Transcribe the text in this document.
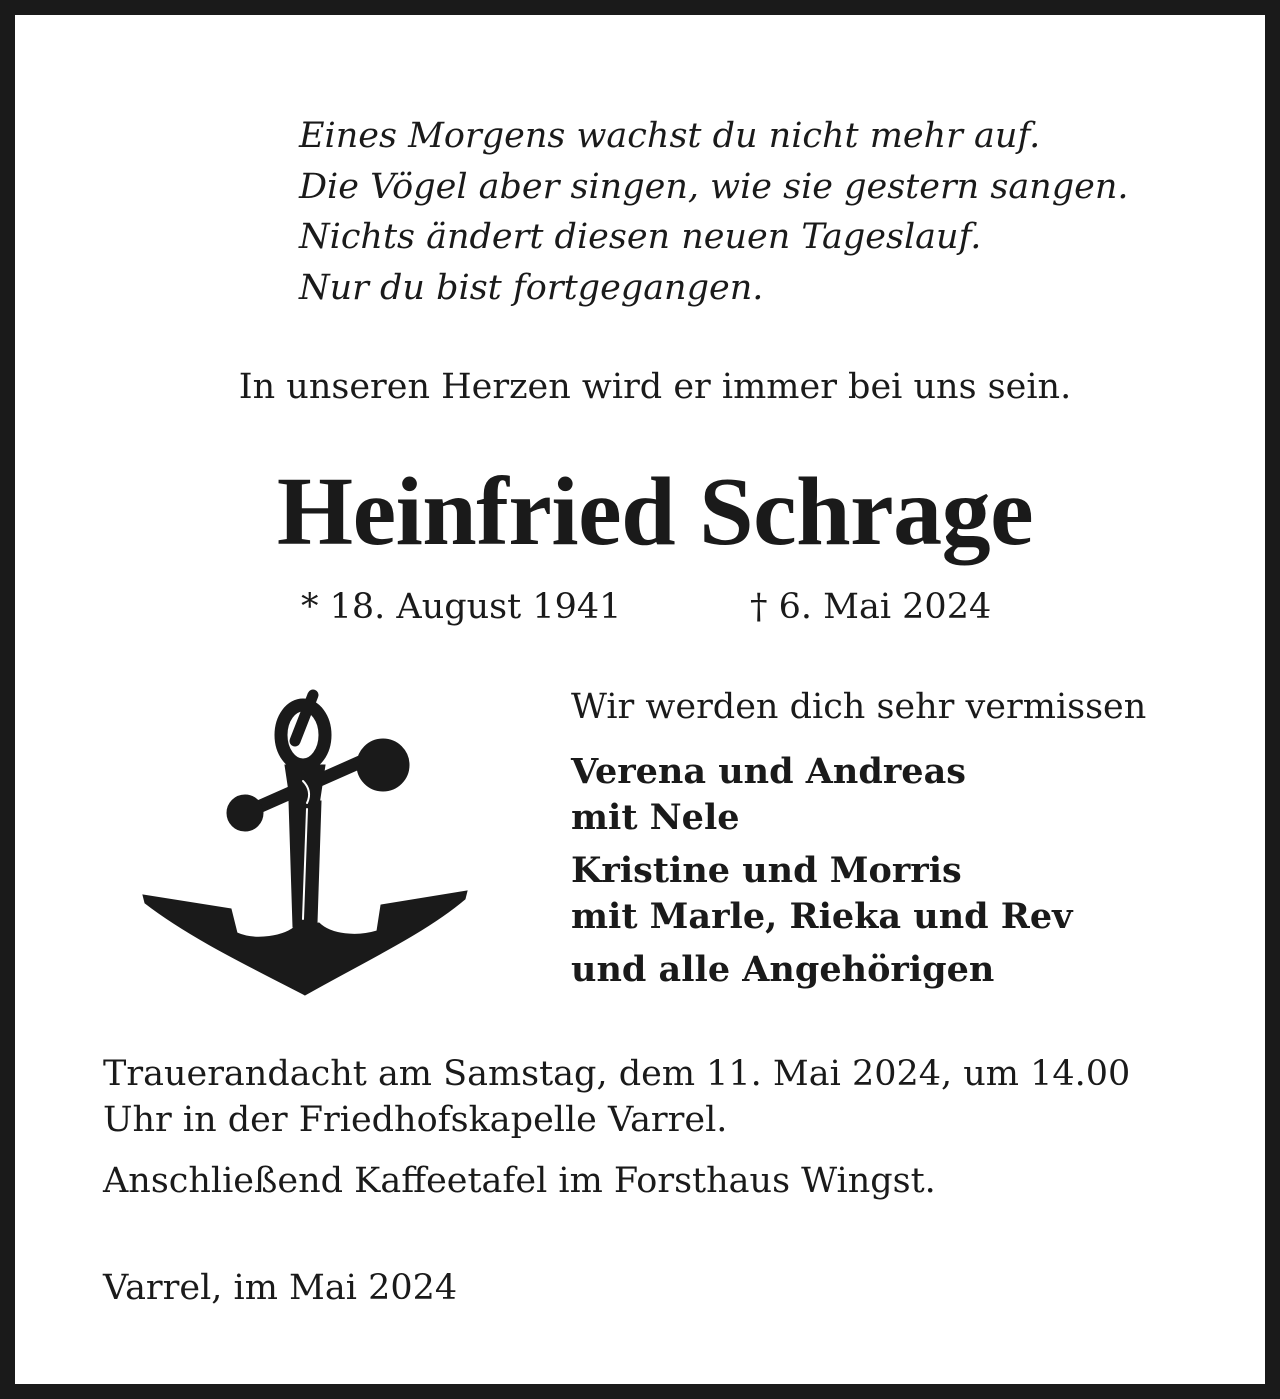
Eines Morgens wachst du nicht mehr auf.
Die Vögel aber singen, wie sie gestern sangen.
Nichts ändert diesen neuen Tageslauf.
Nur du bist fortgegangen.
In unseren Herzen wird er immer bei uns sein.
Heinfried Schrage
* 18. August 1941	† 6. Mai 2024
Wir werden dich sehr vermissen
Verena und Andreas
mit Nele
Kristine und Morris
mit Marle, Rieka und Rev
und alle Angehörigen
Trauerandacht am Samstag, dem 11. Mai 2024, um 14.00
Uhr in der Friedhofskapelle Varrel.
Anschließend Kaffeetafel im Forsthaus Wingst.
Varrel, im Mai 2024
